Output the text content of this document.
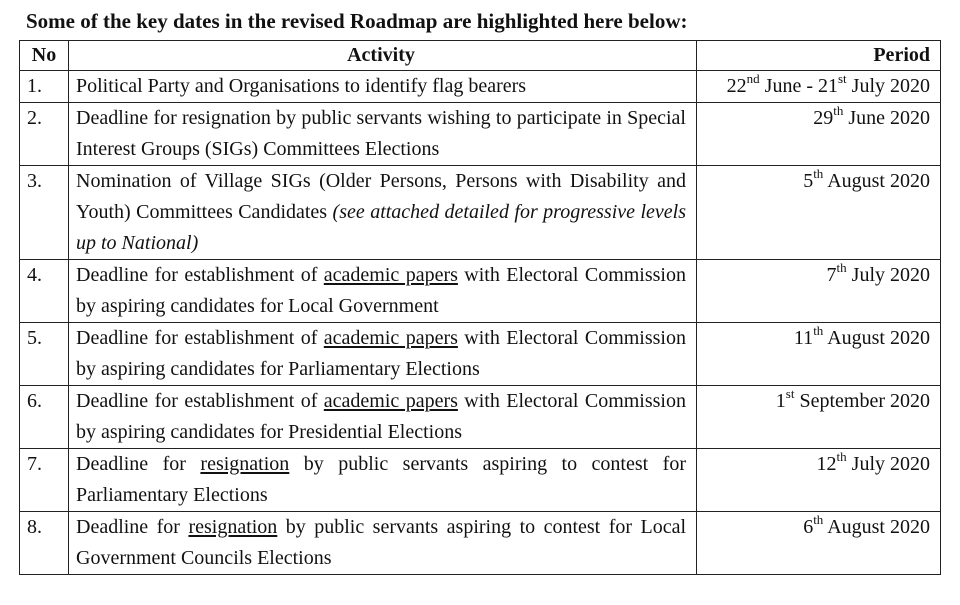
Some of the key dates in the revised Roadmap are highlighted here below:
No	Activity	Period
1.	Political Party and Organisations to identify flag bearers	22nd June - 21st July 2020
2.	Deadline for resignation by public servants wishing to participate in Special Interest Groups (SIGs) Committees Elections	29th June 2020
3.	Nomination of Village SIGs (Older Persons, Persons with Disability and Youth) Committees Candidates (see attached detailed for progressive levels up to National)	5th August 2020
4.	Deadline for establishment of academic papers with Electoral Commission by aspiring candidates for Local Government	7th July 2020
5.	Deadline for establishment of academic papers with Electoral Commission by aspiring candidates for Parliamentary Elections	11th August 2020
6.	Deadline for establishment of academic papers with Electoral Commission by aspiring candidates for Presidential Elections	1st September 2020
7.	Deadline for resignation by public servants aspiring to contest for Parliamentary Elections	12th July 2020
8.	Deadline for resignation by public servants aspiring to contest for Local Government Councils Elections	6th August 2020
